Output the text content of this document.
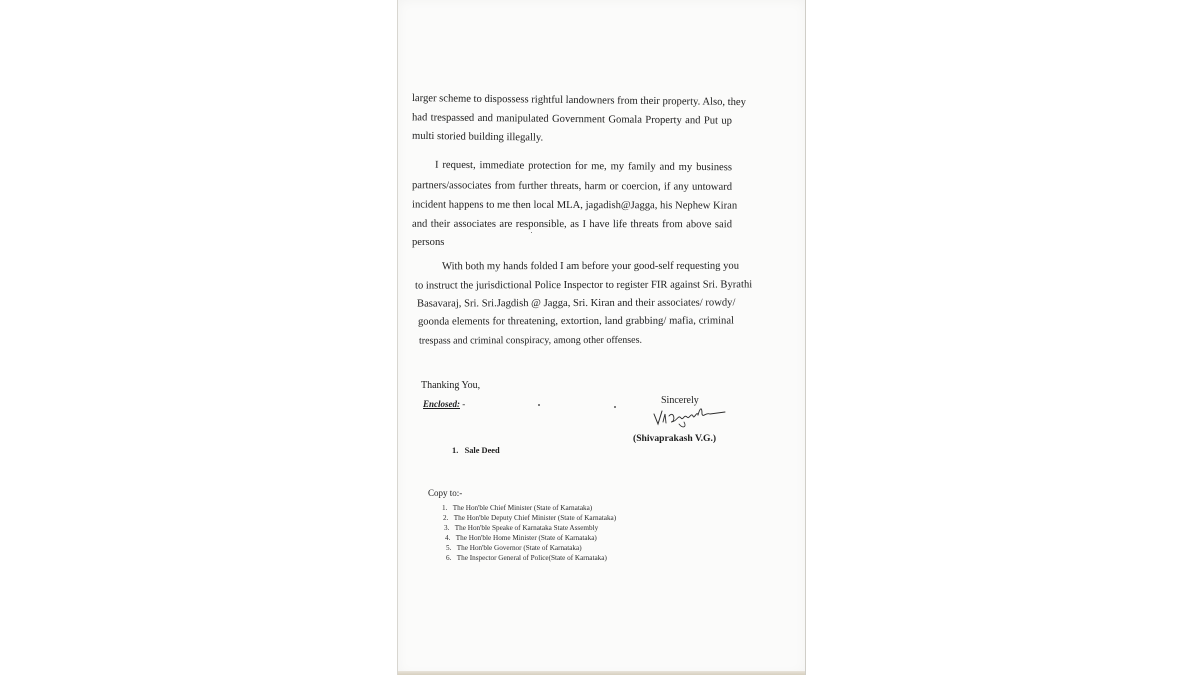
larger scheme to dispossess rightful landowners from their property. Also, they
had trespassed and manipulated Government Gomala Property and Put up
multi storied building illegally.
I request, immediate protection for me, my family and my business
partners/associates from further threats, harm or coercion, if any untoward
incident happens to me then local MLA, jagadish@Jagga, his Nephew Kiran
and their associates are responsible, as I have life threats from above said
persons
With both my hands folded I am before your good-self requesting you
to instruct the jurisdictional Police Inspector to register FIR against Sri. Byrathi
Basavaraj, Sri. Sri.Jagdish @ Jagga, Sri. Kiran and their associates/ rowdy/
goonda elements for threatening, extortion, land grabbing/ mafia, criminal
trespass and criminal conspiracy, among other offenses.
Thanking You,
Enclosed: -	Sincerely
(Shivaprakash V.G.)
1. Sale Deed
Copy to:-
1. The Hon'ble Chief Minister (State of Karnataka)
2. The Hon'ble Deputy Chief Minister (State of Karnataka)
3. The Hon'ble Speake of Karnataka State Assembly
4. The Hon'ble Home Minister (State of Karnataka)
5. The Hon'ble Governor (State of Karnataka)
6. The Inspector General of Police(State of Karnataka)
